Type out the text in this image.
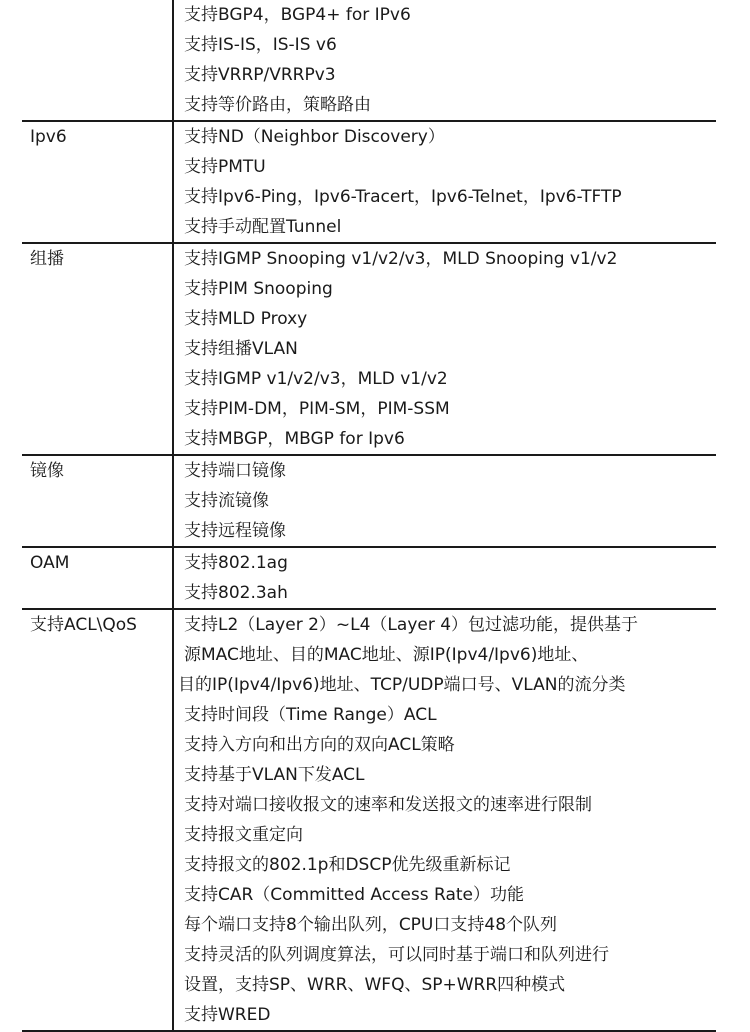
支持BGP4，BGP4+ for IPv6
支持IS-IS，IS-IS v6
支持VRRP/VRRPv3
支持等价路由，策略路由
Ipv6	支持ND（Neighbor Discovery）
支持PMTU
支持Ipv6-Ping，Ipv6-Tracert，Ipv6-Telnet，Ipv6-TFTP
支持手动配置Tunnel
组播	支持IGMP Snooping v1/v2/v3，MLD Snooping v1/v2
支持PIM Snooping
支持MLD Proxy
支持组播VLAN
支持IGMP v1/v2/v3，MLD v1/v2
支持PIM-DM，PIM-SM，PIM-SSM
支持MBGP，MBGP for Ipv6
镜像	支持端口镜像
支持流镜像
支持远程镜像
OAM	支持802.1ag
支持802.3ah
支持ACL\QoS	支持L2（Layer 2）~L4（Layer 4）包过滤功能，提供基于
源MAC地址、目的MAC地址、源IP(Ipv4/Ipv6)地址、
目的IP(Ipv4/Ipv6)地址、TCP/UDP端口号、VLAN的流分类
支持时间段（Time Range）ACL
支持入方向和出方向的双向ACL策略
支持基于VLAN下发ACL
支持对端口接收报文的速率和发送报文的速率进行限制
支持报文重定向
支持报文的802.1p和DSCP优先级重新标记
支持CAR（Committed Access Rate）功能
每个端口支持8个输出队列，CPU口支持48个队列
支持灵活的队列调度算法，可以同时基于端口和队列进行
设置，支持SP、WRR、WFQ、SP+WRR四种模式
支持WRED
